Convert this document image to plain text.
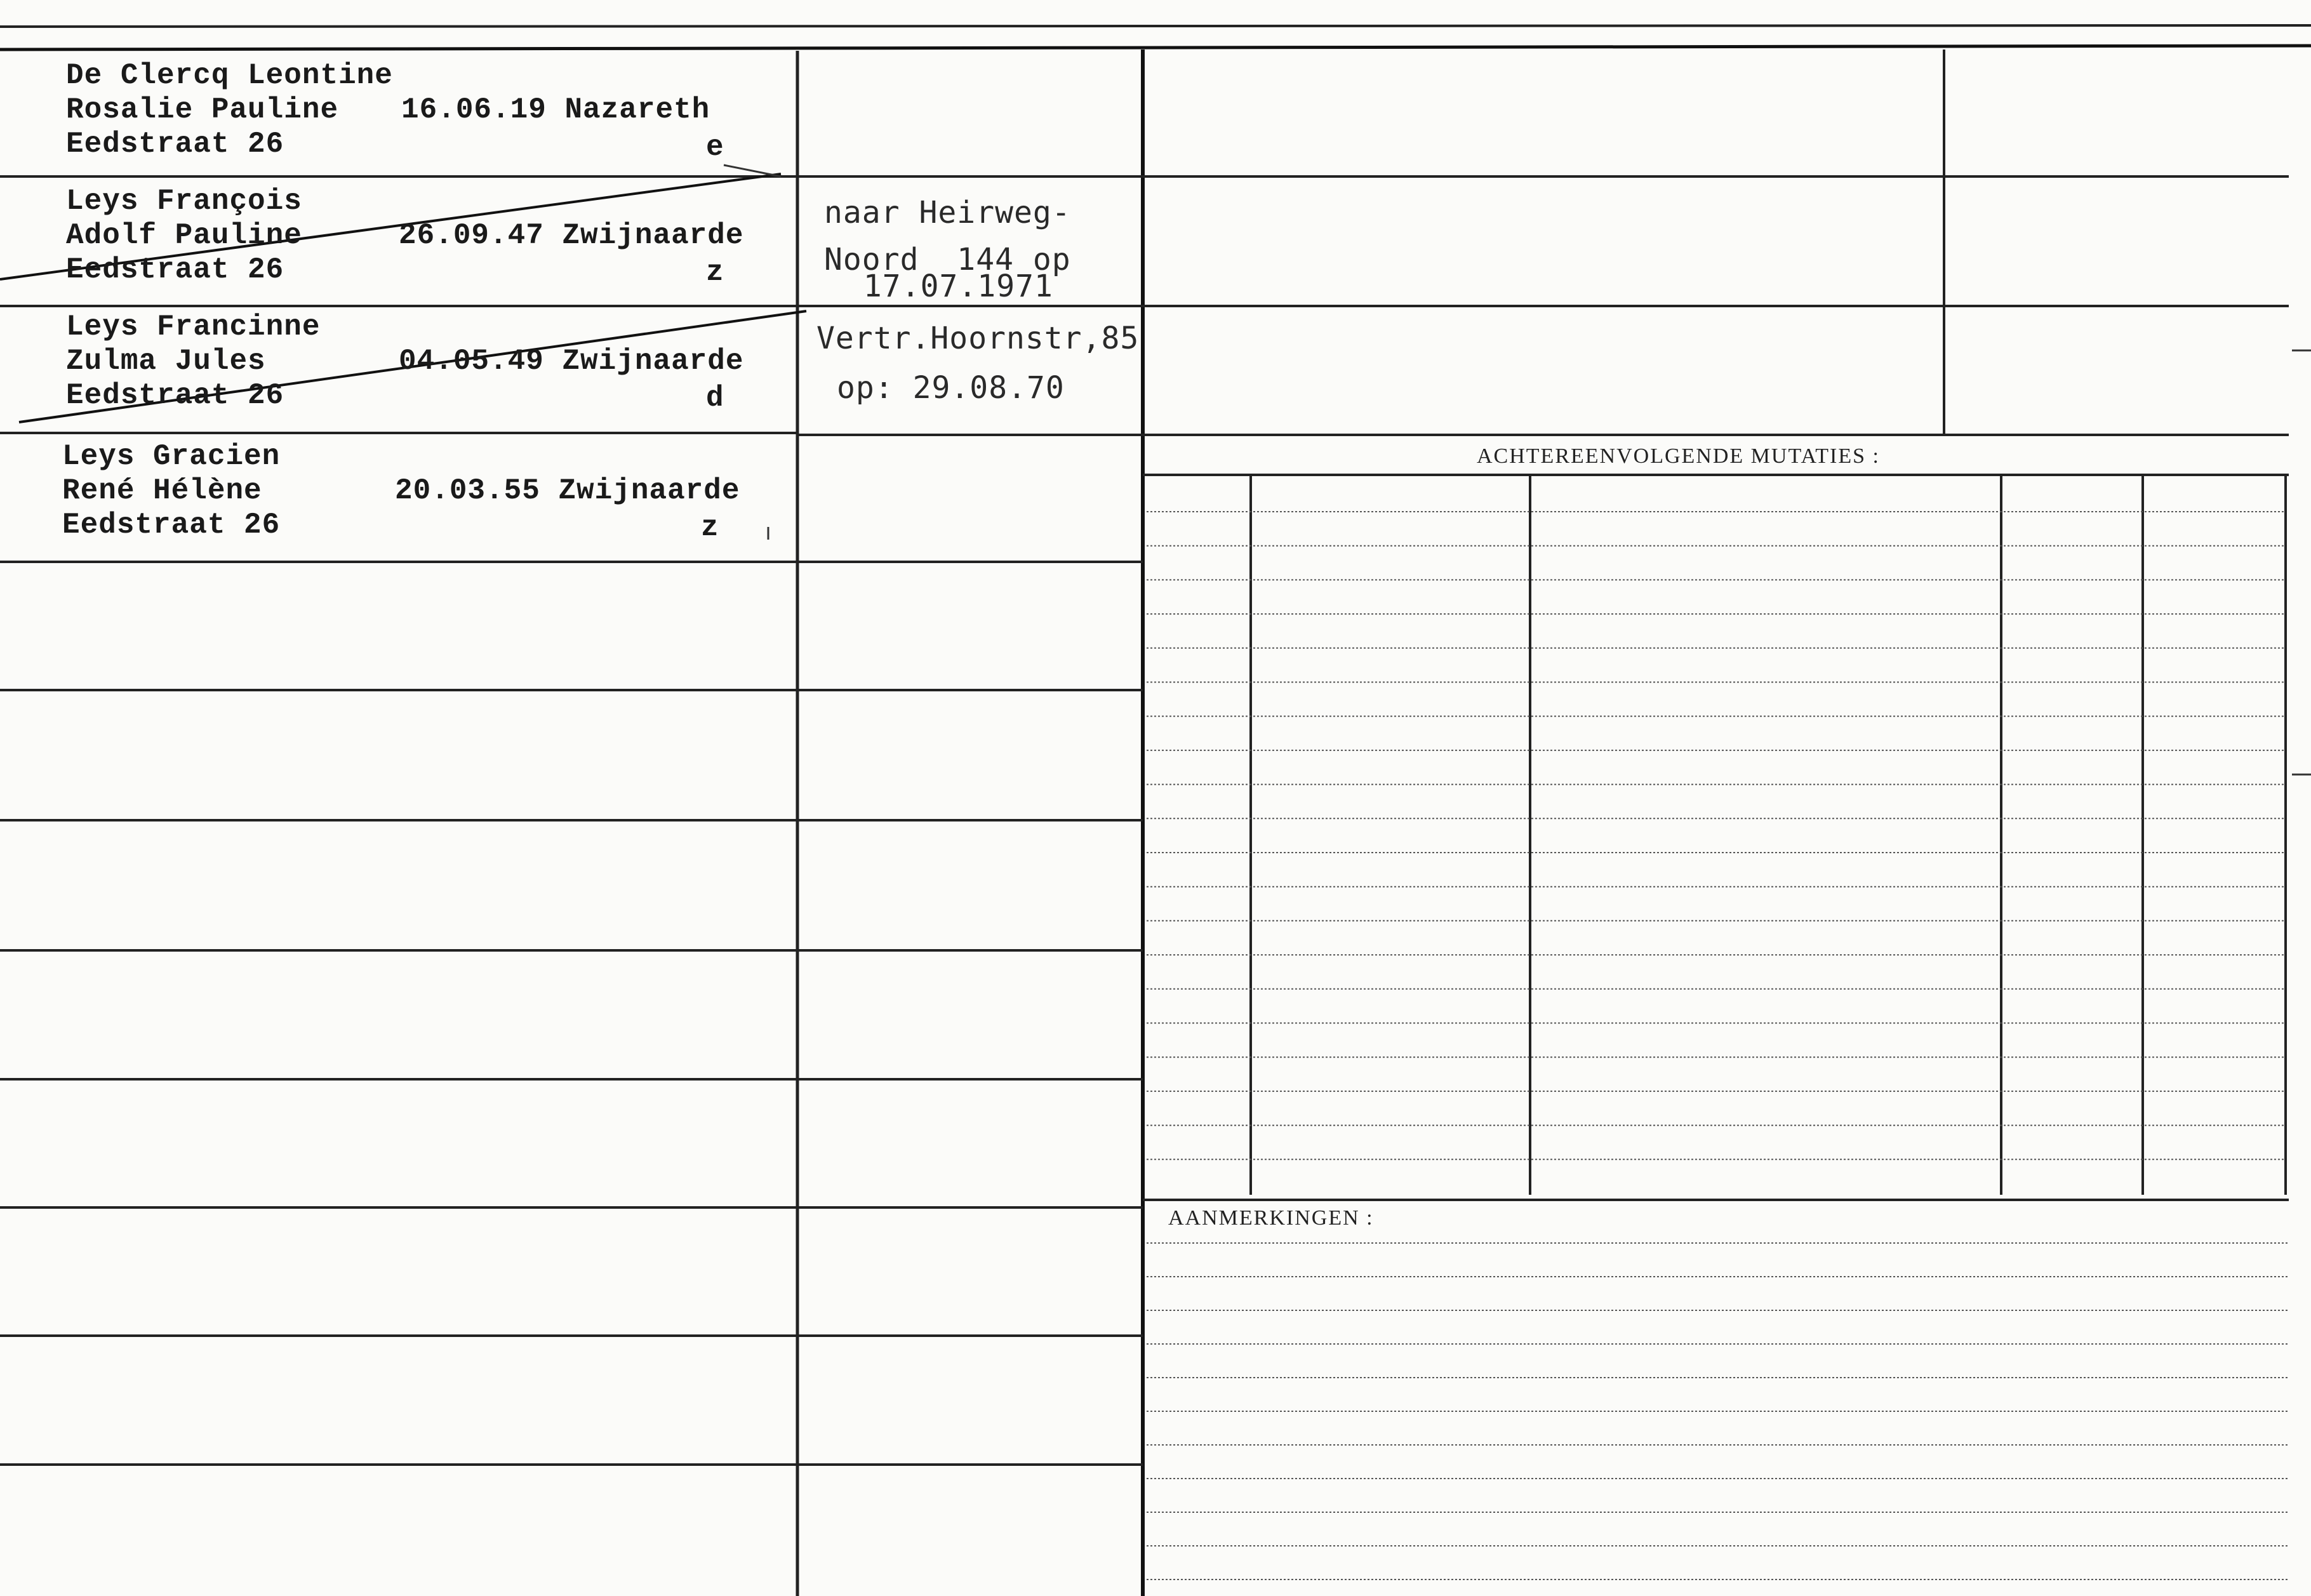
De Clercq Leontine
Rosalie Pauline
Eedstraat 26
16.06.19 Nazareth
e
Leys François
Adolf Pauline
Eedstraat 26
26.09.47 Zwijnaarde
z
Leys Francinne
Zulma Jules
Eedstraat 26
04.05.49 Zwijnaarde
d
Leys Gracien
René Hélène
Eedstraat 26
20.03.55 Zwijnaarde
z
naar Heirweg-
Noord  144 op
17.07.1971
Vertr.Hoornstr,85
op: 29.08.70
ACHTEREENVOLGENDE MUTATIES :
AANMERKINGEN :
